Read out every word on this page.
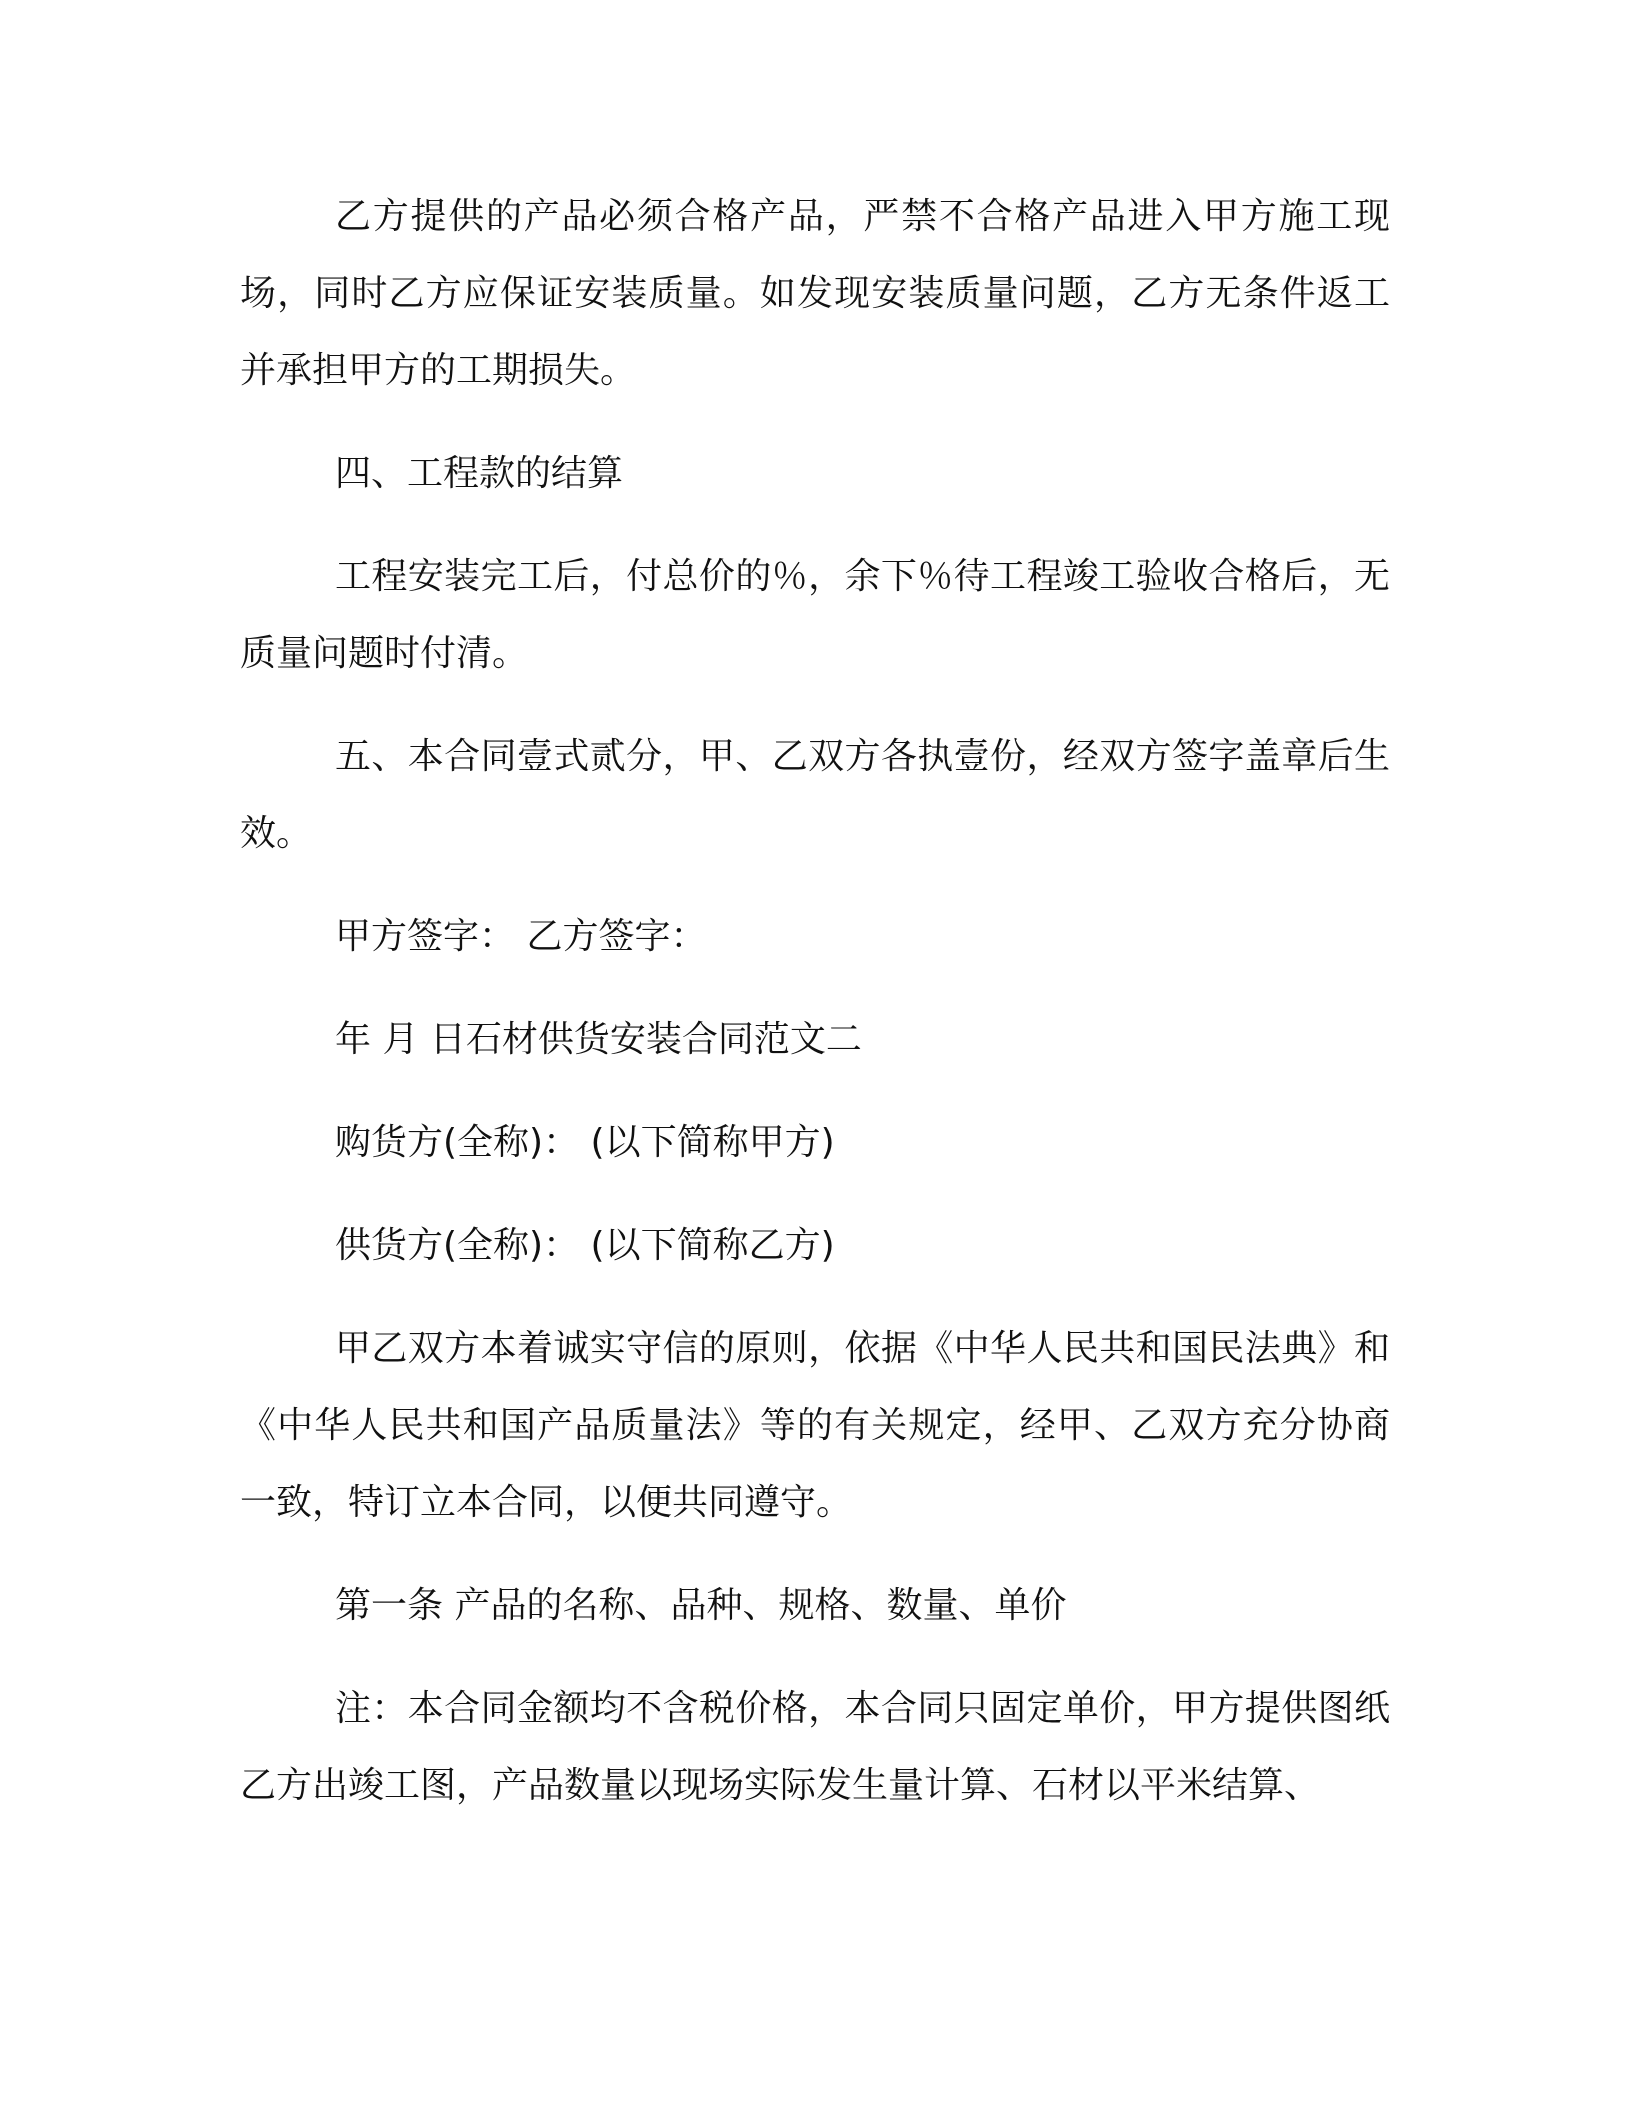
乙方提供的产品必须合格产品，严禁不合格产品进入甲方施工现场，同时乙方应保证安装质量。如发现安装质量问题，乙方无条件返工并承担甲方的工期损失。

四、工程款的结算

工程安装完工后，付总价的％，余下％待工程竣工验收合格后，无质量问题时付清。

五、本合同壹式贰分，甲、乙双方各执壹份，经双方签字盖章后生效。

甲方签字： 乙方签字：

年 月 日石材供货安装合同范文二

购货方(全称)： (以下简称甲方)

供货方(全称)： (以下简称乙方)

甲乙双方本着诚实守信的原则，依据《中华人民共和国民法典》和《中华人民共和国产品质量法》等的有关规定，经甲、乙双方充分协商一致，特订立本合同，以便共同遵守。

第一条 产品的名称、品种、规格、数量、单价

注：本合同金额均不含税价格，本合同只固定单价，甲方提供图纸乙方出竣工图，产品数量以现场实际发生量计算、石材以平米结算、
